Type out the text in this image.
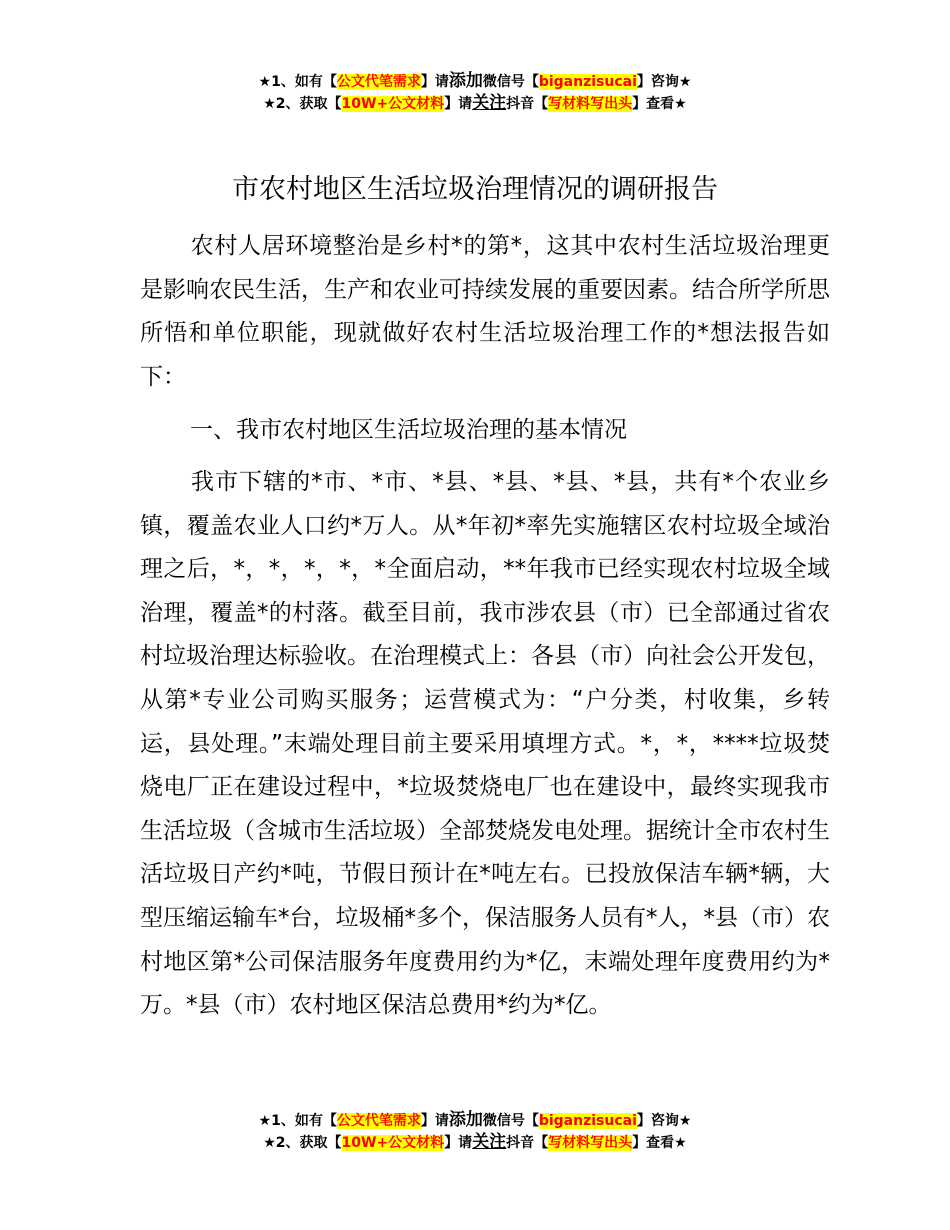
★1、如有【公文代笔需求】请添加微信号【biganzisucai】咨询★
★2、获取【10W+公文材料】请关注抖音【写材料写出头】查看★
市农村地区生活垃圾治理情况的调研报告

农村人居环境整治是乡村*的第*，这其中农村生活垃圾治理更是影响农民生活，生产和农业可持续发展的重要因素。结合所学所思所悟和单位职能，现就做好农村生活垃圾治理工作的*想法报告如下：

一、我市农村地区生活垃圾治理的基本情况

我市下辖的*市、*市、*县、*县、*县、*县，共有*个农业乡镇，覆盖农业人口约*万人。从*年初*率先实施辖区农村垃圾全域治理之后，*，*，*，*，*全面启动，**年我市已经实现农村垃圾全域治理，覆盖*的村落。截至目前，我市涉农县（市）已全部通过省农村垃圾治理达标验收。在治理模式上：各县（市）向社会公开发包，从第*专业公司购买服务；运营模式为：“户分类，村收集，乡转运，县处理。”末端处理目前主要采用填埋方式。*，*，****垃圾焚烧电厂正在建设过程中，*垃圾焚烧电厂也在建设中，最终实现我市生活垃圾（含城市生活垃圾）全部焚烧发电处理。据统计全市农村生活垃圾日产约*吨，节假日预计在*吨左右。已投放保洁车辆*辆，大型压缩运输车*台，垃圾桶*多个，保洁服务人员有*人，*县（市）农村地区第*公司保洁服务年度费用约为*亿，末端处理年度费用约为*万。*县（市）农村地区保洁总费用*约为*亿。

★1、如有【公文代笔需求】请添加微信号【biganzisucai】咨询★
★2、获取【10W+公文材料】请关注抖音【写材料写出头】查看★
